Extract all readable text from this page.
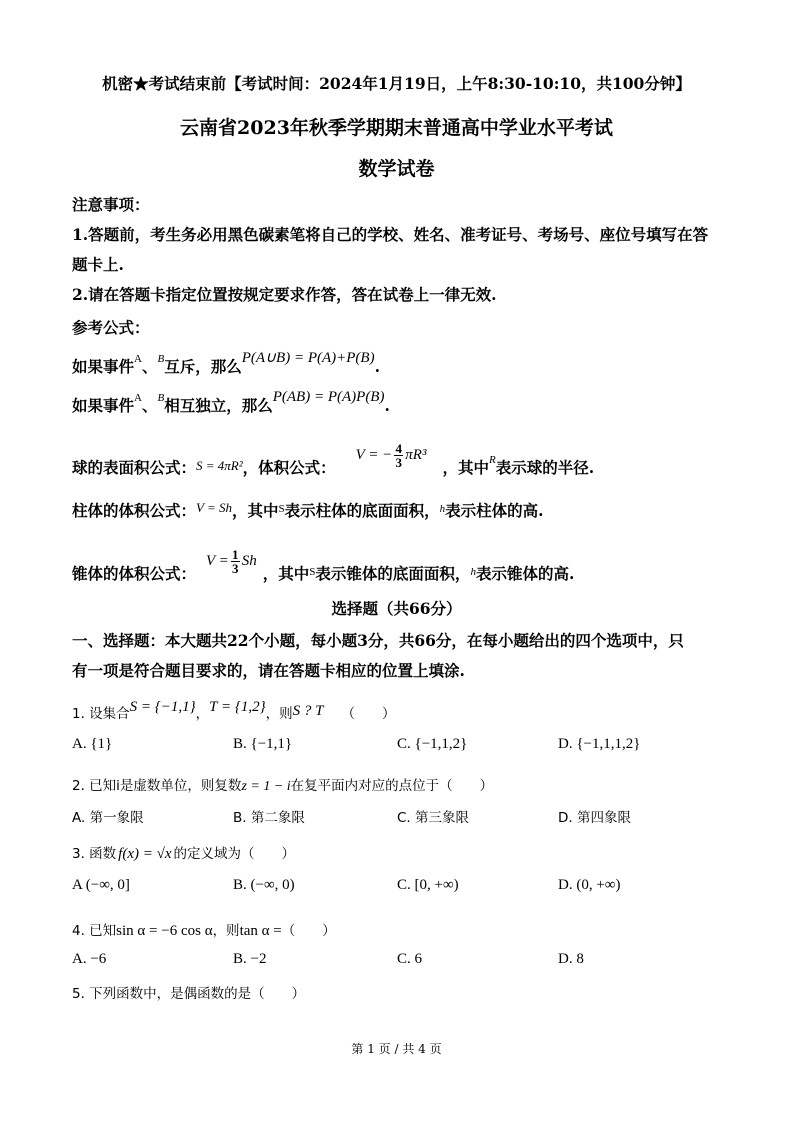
机密★考试结束前【考试时间：2024年1月19日，上午8:30-10:10，共100分钟】
云南省2023年秋季学期期末普通高中学业水平考试
数学试卷
注意事项：
1.答题前，考生务必用黑色碳素笔将自己的学校、姓名、准考证号、考场号、座位号填写在答
题卡上.
2.请在答题卡指定位置按规定要求作答，答在试卷上一律无效.
参考公式：
如果事件 A 、 B 互斥，那么 P(A∪B) = P(A)+P(B) .
如果事件 A 、 B 相互独立，那么 P(AB) = P(A)P(B) .
球的表面积公式： S = 4πR² ，体积公式：
V = − $\frac{4}{3} \pi R^3$
，其中 R 表示球的半径.
柱体的体积公式： V = Sh ，其中 S 表示柱体的底面面积， h 表示柱体的高.
锥体的体积公式：
$V = \frac{1}{3}$ Sh
，其中 S 表示锥体的底面面积， h 表示锥体的高.
选择题（共66分）
一、选择题：本大题共22个小题，每小题3分，共66分，在每小题给出的四个选项中，只
有一项是符合题目要求的，请在答题卡相应的位置上填涂.
1. 设集合 S = {−1,1} ， T = {1,2} ，则 S ? T （　　）
A. {1}	B. {−1,1}	C. {−1,1,2}	D. {−1,1,1,2}
2. 已知i是虚数单位，则复数 z = 1 − i 在复平面内对应的点位于（　　）
A. 第一象限	B. 第二象限	C. 第三象限	D. 第四象限
3. 函数 f(x) = √x 的定义域为（　　）
A (−∞, 0]	B. (−∞, 0)	C. [0, +∞)	D. (0, +∞)
4. 已知 sin α = −6 cos α ，则 tan α = （　　）
A. −6	B. −2	C. 6	D. 8
5. 下列函数中，是偶函数的是（　　）
第 1 页 / 共 4 页
